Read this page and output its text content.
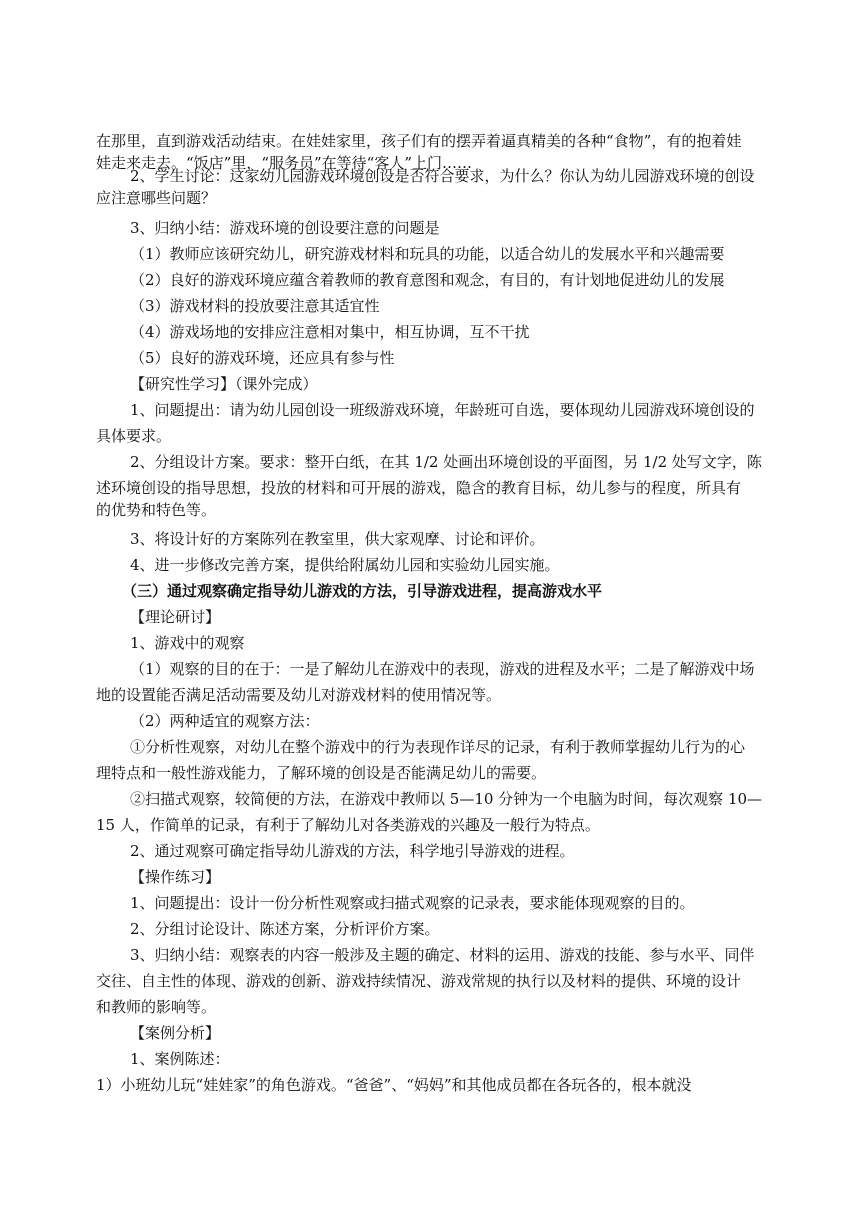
在那里，直到游戏活动结束。在娃娃家里，孩子们有的摆弄着逼真精美的各种“食物”，有的抱着娃
娃走来走去。“饭店”里，“服务员”在等待“客人”上门……
2、学生讨论：这家幼儿园游戏环境创设是否符合要求，为什么？你认为幼儿园游戏环境的创设
应注意哪些问题？
3、归纳小结：游戏环境的创设要注意的问题是
（1）教师应该研究幼儿，研究游戏材料和玩具的功能，以适合幼儿的发展水平和兴趣需要
（2）良好的游戏环境应蕴含着教师的教育意图和观念，有目的，有计划地促进幼儿的发展
（3）游戏材料的投放要注意其适宜性
（4）游戏场地的安排应注意相对集中，相互协调，互不干扰
（5）良好的游戏环境，还应具有参与性
【研究性学习】（课外完成）
1、问题提出：请为幼儿园创设一班级游戏环境，年龄班可自选，要体现幼儿园游戏环境创设的
具体要求。
2、分组设计方案。要求：整开白纸，在其 1/2 处画出环境创设的平面图，另 1/2 处写文字，陈
述环境创设的指导思想，投放的材料和可开展的游戏，隐含的教育目标，幼儿参与的程度，所具有
的优势和特色等。
3、将设计好的方案陈列在教室里，供大家观摩、讨论和评价。
4、进一步修改完善方案，提供给附属幼儿园和实验幼儿园实施。
（三）通过观察确定指导幼儿游戏的方法，引导游戏进程，提高游戏水平
【理论研讨】
1、游戏中的观察
（1）观察的目的在于：一是了解幼儿在游戏中的表现，游戏的进程及水平；二是了解游戏中场
地的设置能否满足活动需要及幼儿对游戏材料的使用情况等。
（2）两种适宜的观察方法：
①分析性观察，对幼儿在整个游戏中的行为表现作详尽的记录，有利于教师掌握幼儿行为的心
理特点和一般性游戏能力，了解环境的创设是否能满足幼儿的需要。
②扫描式观察，较简便的方法，在游戏中教师以 5—10 分钟为一个电脑为时间，每次观察 10—
15 人，作简单的记录，有利于了解幼儿对各类游戏的兴趣及一般行为特点。
2、通过观察可确定指导幼儿游戏的方法，科学地引导游戏的进程。
【操作练习】
1、问题提出：设计一份分析性观察或扫描式观察的记录表，要求能体现观察的目的。
2、分组讨论设计、陈述方案，分析评价方案。
3、归纳小结：观察表的内容一般涉及主题的确定、材料的运用、游戏的技能、参与水平、同伴
交往、自主性的体现、游戏的创新、游戏持续情况、游戏常规的执行以及材料的提供、环境的设计
和教师的影响等。
【案例分析】
1、案例陈述：
1）小班幼儿玩“娃娃家”的角色游戏。“爸爸”、“妈妈”和其他成员都在各玩各的，根本就没
